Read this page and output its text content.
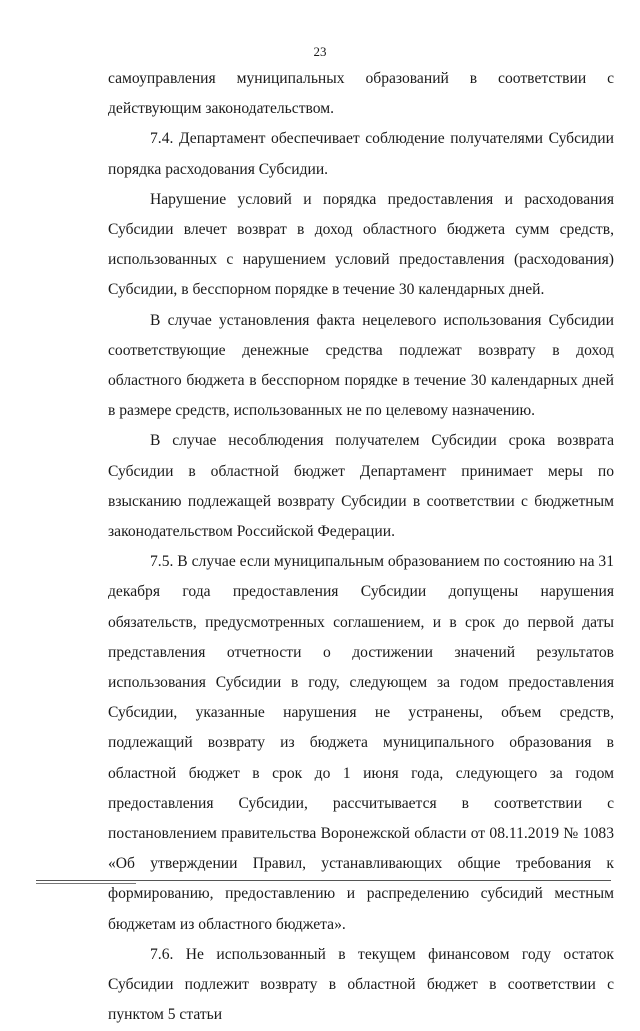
23

самоуправления муниципальных образований в соответствии с действующим законодательством.

7.4. Департамент обеспечивает соблюдение получателями Субсидии порядка расходования Субсидии.

Нарушение условий и порядка предоставления и расходования Субсидии влечет возврат в доход областного бюджета сумм средств, использованных с нарушением условий предоставления (расходования) Субсидии, в бесспорном порядке в течение 30 календарных дней.

В случае установления факта нецелевого использования Субсидии соответствующие денежные средства подлежат возврату в доход областного бюджета в бесспорном порядке в течение 30 календарных дней в размере средств, использованных не по целевому назначению.

В случае несоблюдения получателем Субсидии срока возврата Субсидии в областной бюджет Департамент принимает меры по взысканию подлежащей возврату Субсидии в соответствии с бюджетным законодательством Российской Федерации.

7.5. В случае если муниципальным образованием по состоянию на 31 декабря года предоставления Субсидии допущены нарушения обязательств, предусмотренных соглашением, и в срок до первой даты представления отчетности о достижении значений результатов использования Субсидии в году, следующем за годом предоставления Субсидии, указанные нарушения не устранены, объем средств, подлежащий возврату из бюджета муниципального образования в областной бюджет в срок до 1 июня года, следующего за годом предоставления Субсидии, рассчитывается в соответствии с постановлением правительства Воронежской области от 08.11.2019 № 1083 «Об утверждении Правил, устанавливающих общие требования к формированию, предоставлению и распределению субсидий местным бюджетам из областного бюджета».

7.6. Не использованный в текущем финансовом году остаток Субсидии подлежит возврату в областной бюджет в соответствии с пунктом 5 статьи
